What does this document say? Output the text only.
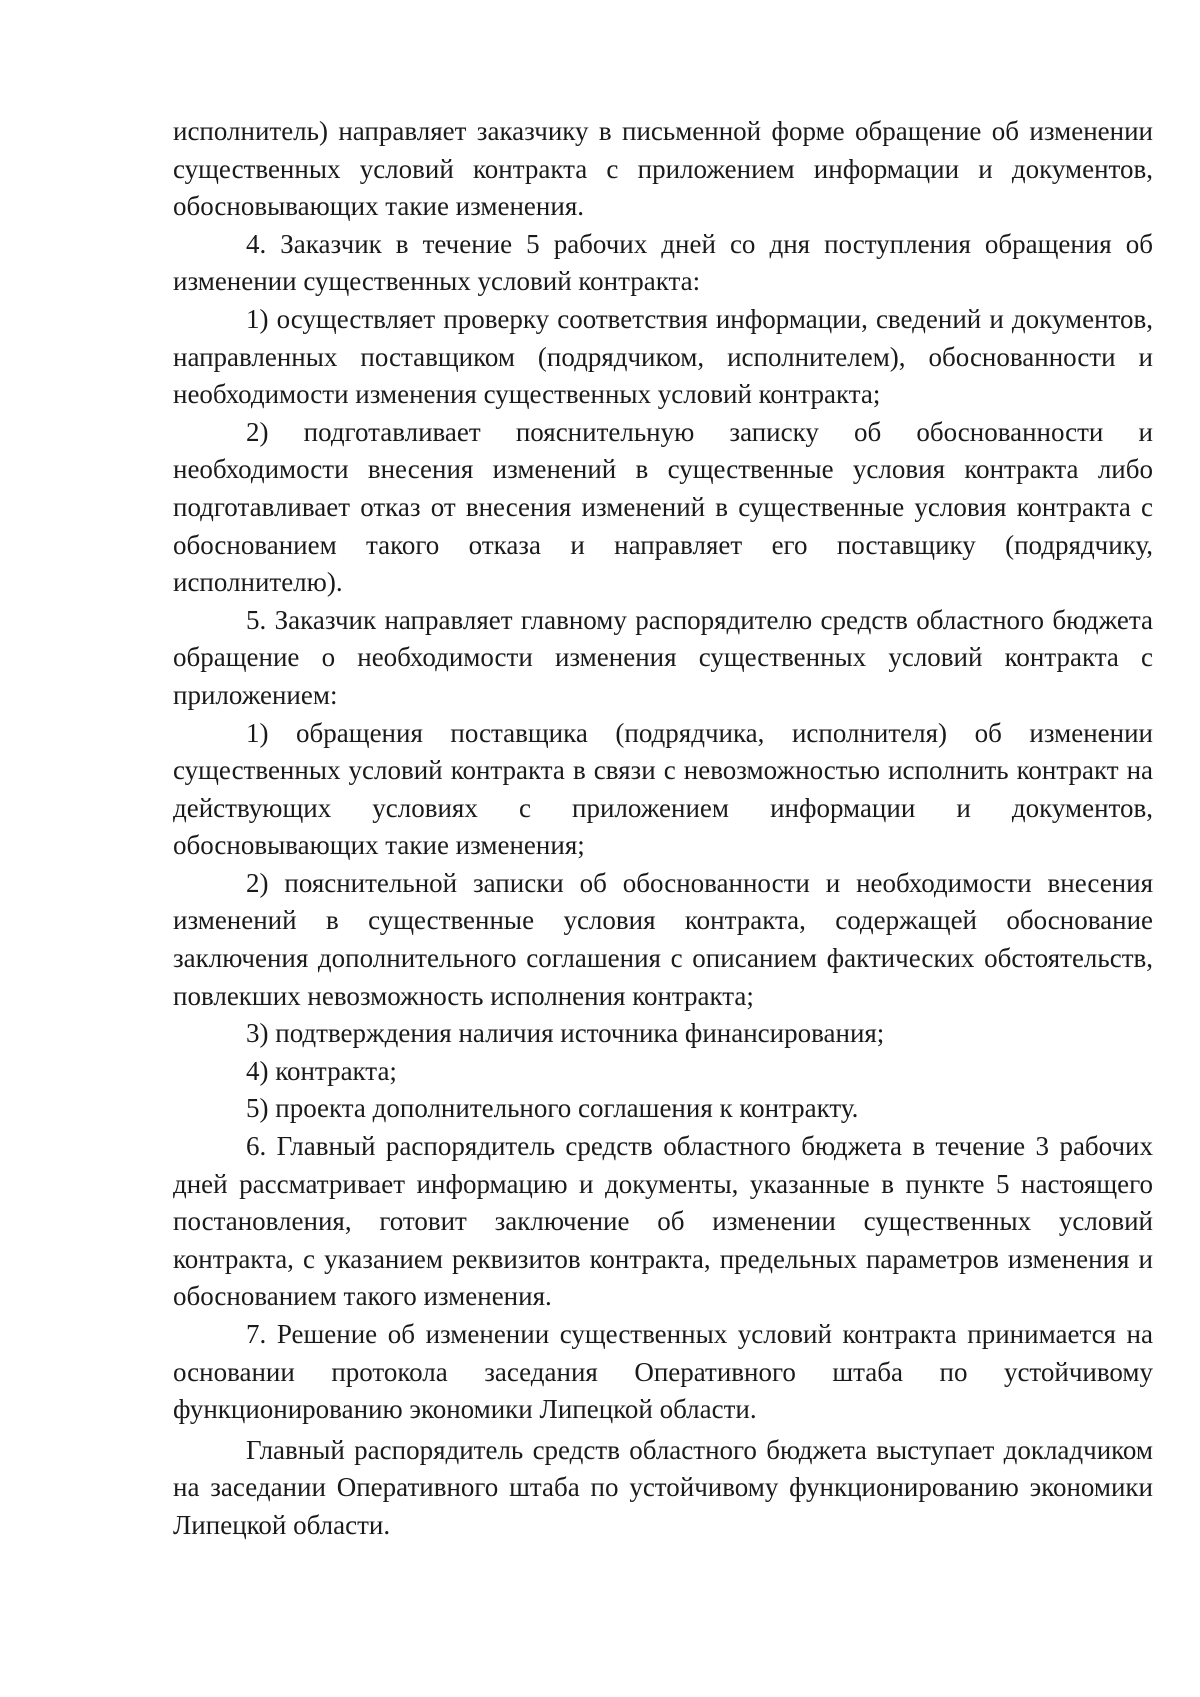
исполнитель) направляет заказчику в письменной форме обращение об изменении существенных условий контракта с приложением информации и документов, обосновывающих такие изменения.

4. Заказчик в течение 5 рабочих дней со дня поступления обращения об изменении существенных условий контракта:

1) осуществляет проверку соответствия информации, сведений и документов, направленных поставщиком (подрядчиком, исполнителем), обоснованности и необходимости изменения существенных условий контракта;

2) подготавливает пояснительную записку об обоснованности и необходимости внесения изменений в существенные условия контракта либо подготавливает отказ от внесения изменений в существенные условия контракта с обоснованием такого отказа и направляет его поставщику (подрядчику, исполнителю).

5. Заказчик направляет главному распорядителю средств областного бюджета обращение о необходимости изменения существенных условий контракта с приложением:

1) обращения поставщика (подрядчика, исполнителя) об изменении существенных условий контракта в связи с невозможностью исполнить контракт на действующих условиях с приложением информации и документов, обосновывающих такие изменения;

2) пояснительной записки об обоснованности и необходимости внесения изменений в существенные условия контракта, содержащей обоснование заключения дополнительного соглашения с описанием фактических обстоятельств, повлекших невозможность исполнения контракта;

3) подтверждения наличия источника финансирования;

4) контракта;

5) проекта дополнительного соглашения к контракту.

6. Главный распорядитель средств областного бюджета в течение 3 рабочих дней рассматривает информацию и документы, указанные в пункте 5 настоящего постановления, готовит заключение об изменении существенных условий контракта, с указанием реквизитов контракта, предельных параметров изменения и обоснованием такого изменения.

7. Решение об изменении существенных условий контракта принимается на основании протокола заседания Оперативного штаба по устойчивому функционированию экономики Липецкой области.

Главный распорядитель средств областного бюджета выступает докладчиком на заседании Оперативного штаба по устойчивому функционированию экономики Липецкой области.
